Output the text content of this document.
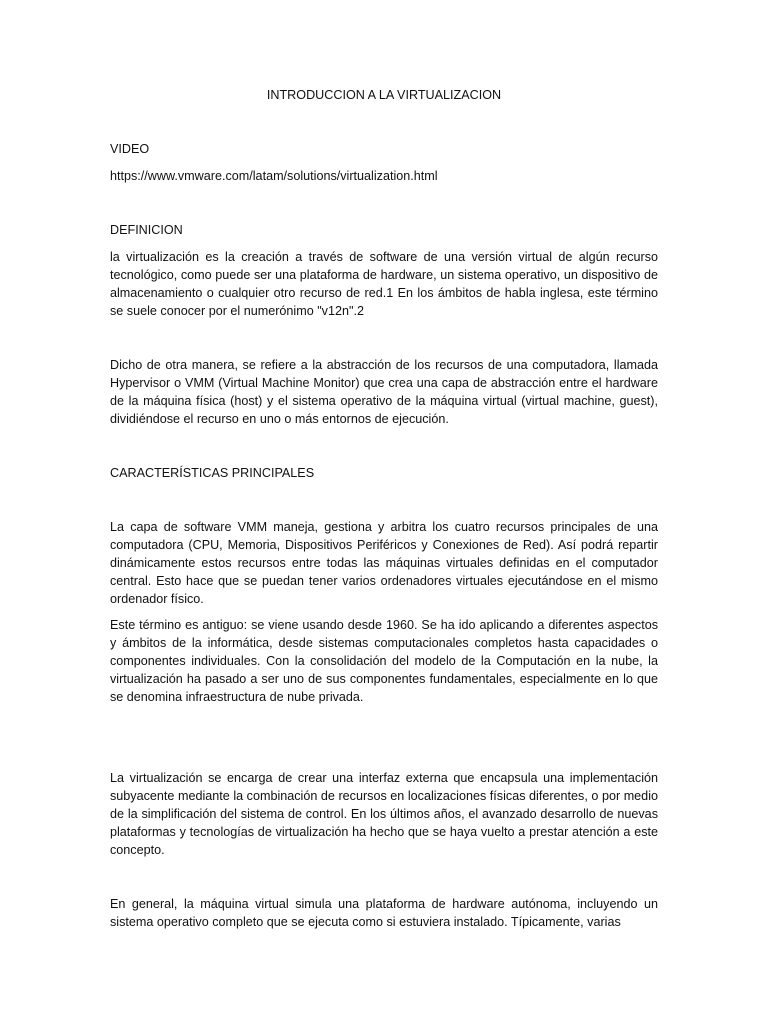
INTRODUCCION A LA VIRTUALIZACION
VIDEO
https://www.vmware.com/latam/solutions/virtualization.html
DEFINICION
la virtualización es la creación a través de software de una versión virtual de algún recurso tecnológico, como puede ser una plataforma de hardware, un sistema operativo, un dispositivo de almacenamiento o cualquier otro recurso de red.1 En los ámbitos de habla inglesa, este término se suele conocer por el numerónimo "v12n".2
Dicho de otra manera, se refiere a la abstracción de los recursos de una computadora, llamada Hypervisor o VMM (Virtual Machine Monitor) que crea una capa de abstracción entre el hardware de la máquina física (host) y el sistema operativo de la máquina virtual (virtual machine, guest), dividiéndose el recurso en uno o más entornos de ejecución.
CARACTERÍSTICAS PRINCIPALES
La capa de software VMM maneja, gestiona y arbitra los cuatro recursos principales de una computadora (CPU, Memoria, Dispositivos Periféricos y Conexiones de Red). Así podrá repartir dinámicamente estos recursos entre todas las máquinas virtuales definidas en el computador central. Esto hace que se puedan tener varios ordenadores virtuales ejecutándose en el mismo ordenador físico.
Este término es antiguo: se viene usando desde 1960. Se ha ido aplicando a diferentes aspectos y ámbitos de la informática, desde sistemas computacionales completos hasta capacidades o componentes individuales. Con la consolidación del modelo de la Computación en la nube, la virtualización ha pasado a ser uno de sus componentes fundamentales, especialmente en lo que se denomina infraestructura de nube privada.
La virtualización se encarga de crear una interfaz externa que encapsula una implementación subyacente mediante la combinación de recursos en localizaciones físicas diferentes, o por medio de la simplificación del sistema de control. En los últimos años, el avanzado desarrollo de nuevas plataformas y tecnologías de virtualización ha hecho que se haya vuelto a prestar atención a este concepto.
En general, la máquina virtual simula una plataforma de hardware autónoma, incluyendo un sistema operativo completo que se ejecuta como si estuviera instalado. Típicamente, varias
